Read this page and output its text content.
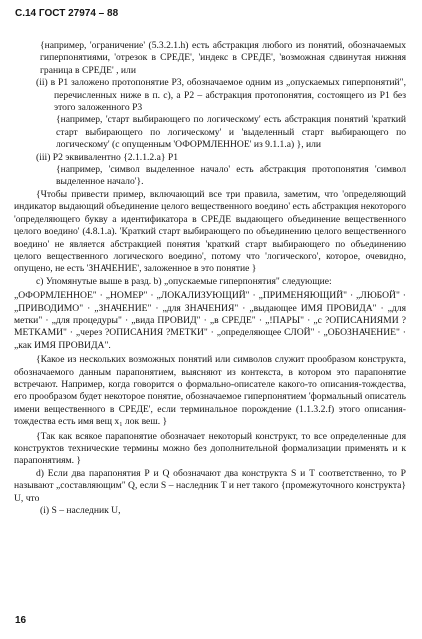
С.14 ГОСТ 27974 – 88

{например, 'ограничение' (5.3.2.1.h) есть абстракция любого из понятий, обозначаемых гиперпонятиями, 'отрезок в СРЕДЕ', 'индекс в СРЕДЕ', 'возможная сдвинутая нижняя граница в СРЕДЕ' , или

(ii) в Р1 заложено протопонятие Р3, обозначаемое одним из „опускаемых гиперпонятий", перечисленных ниже в п. с), а Р2 – абстракция протопонятия, состоящего из Р1 без этого заложенного Р3

{например, 'старт выбирающего по логическому' есть абстракция понятий 'краткий старт выбирающего по логическому' и 'выделенный старт выбирающего по логическому' (с опущенным 'ОФОРМЛЕННОЕ' из 9.1.1.а) }, или

(iii) Р2 эквивалентно {2.1.1.2.a} Р1

{например, 'символ выделенное начало' есть абстракция протопонятия 'символ выделенное начало'}.

{Чтобы привести пример, включающий все три правила, заметим, что 'определяющий индикатор выдающий объединение целого вещественного воединo' есть абстракция некоторого 'определяющего букву а идентификатора в СРЕДЕ выдающего объединение вещественного целого воединo' (4.8.1.а). 'Краткий старт выбирающего по объединению целого вещественного воединo' не является абстракцией понятия 'краткий старт выбирающего по объединению целого вещественного логического воединo', потому что 'логического', которое, очевидно, опущено, не есть 'ЗНАЧЕНИЕ', заложенное в это понятие }

c) Упомянутые выше в разд. b) „опускаемые гиперпонятия" следующие:

„ОФОРМЛЕННОЕ" · „НОМЕР" · „ЛОКАЛИЗУЮЩИЙ" · „ПРИМЕНЯЮЩИЙ" · „ЛЮБОЙ" · „ПРИВОДИМО" · „ЗНАЧЕНИЕ" · „для ЗНАЧЕНИЯ" · „выдающее ИМЯ ПРОВИДА" · „для метки" · „для процедуры" · „вида ПРОВИД" · „в СРЕДЕ" · „!ПАРЫ" · „с ?ОПИСАНИЯМИ ?МЕТКАМИ" · „через ?ОПИСАНИЯ ?МЕТКИ" · „определяющее СЛОЙ" · „ОБОЗНАЧЕНИЕ" · „как ИМЯ ПРОВИДА".

{Какое из нескольких возможных понятий или символов служит прообразом конструкта, обозначаемого данным парапонятием, выясняют из контекста, в котором это парапонятие встречают. Например, когда говорится о формально-описателе какого-то описания-тождества, его прообразом будет некоторое понятие, обозначаемое гиперпонятием 'формальный описатель имени вещественного в СРЕДЕ', если терминальное порождение (1.1.3.2.f) этого описания-тождества есть имя вещ x₁ лок веш. }

{Так как всякое парапонятие обозначает некоторый конструкт, то все определенные для конструктов технические термины можно без дополнительной формализации применять и к парапонятиям. }

d) Если два парапонятия Р и Q обозначают два конструкта S и T соответственно, то Р называют „составляющим" Q, если S – наследник T и нет такого {промежуточного конструкта} U, что

(i) S – наследник U,

16
